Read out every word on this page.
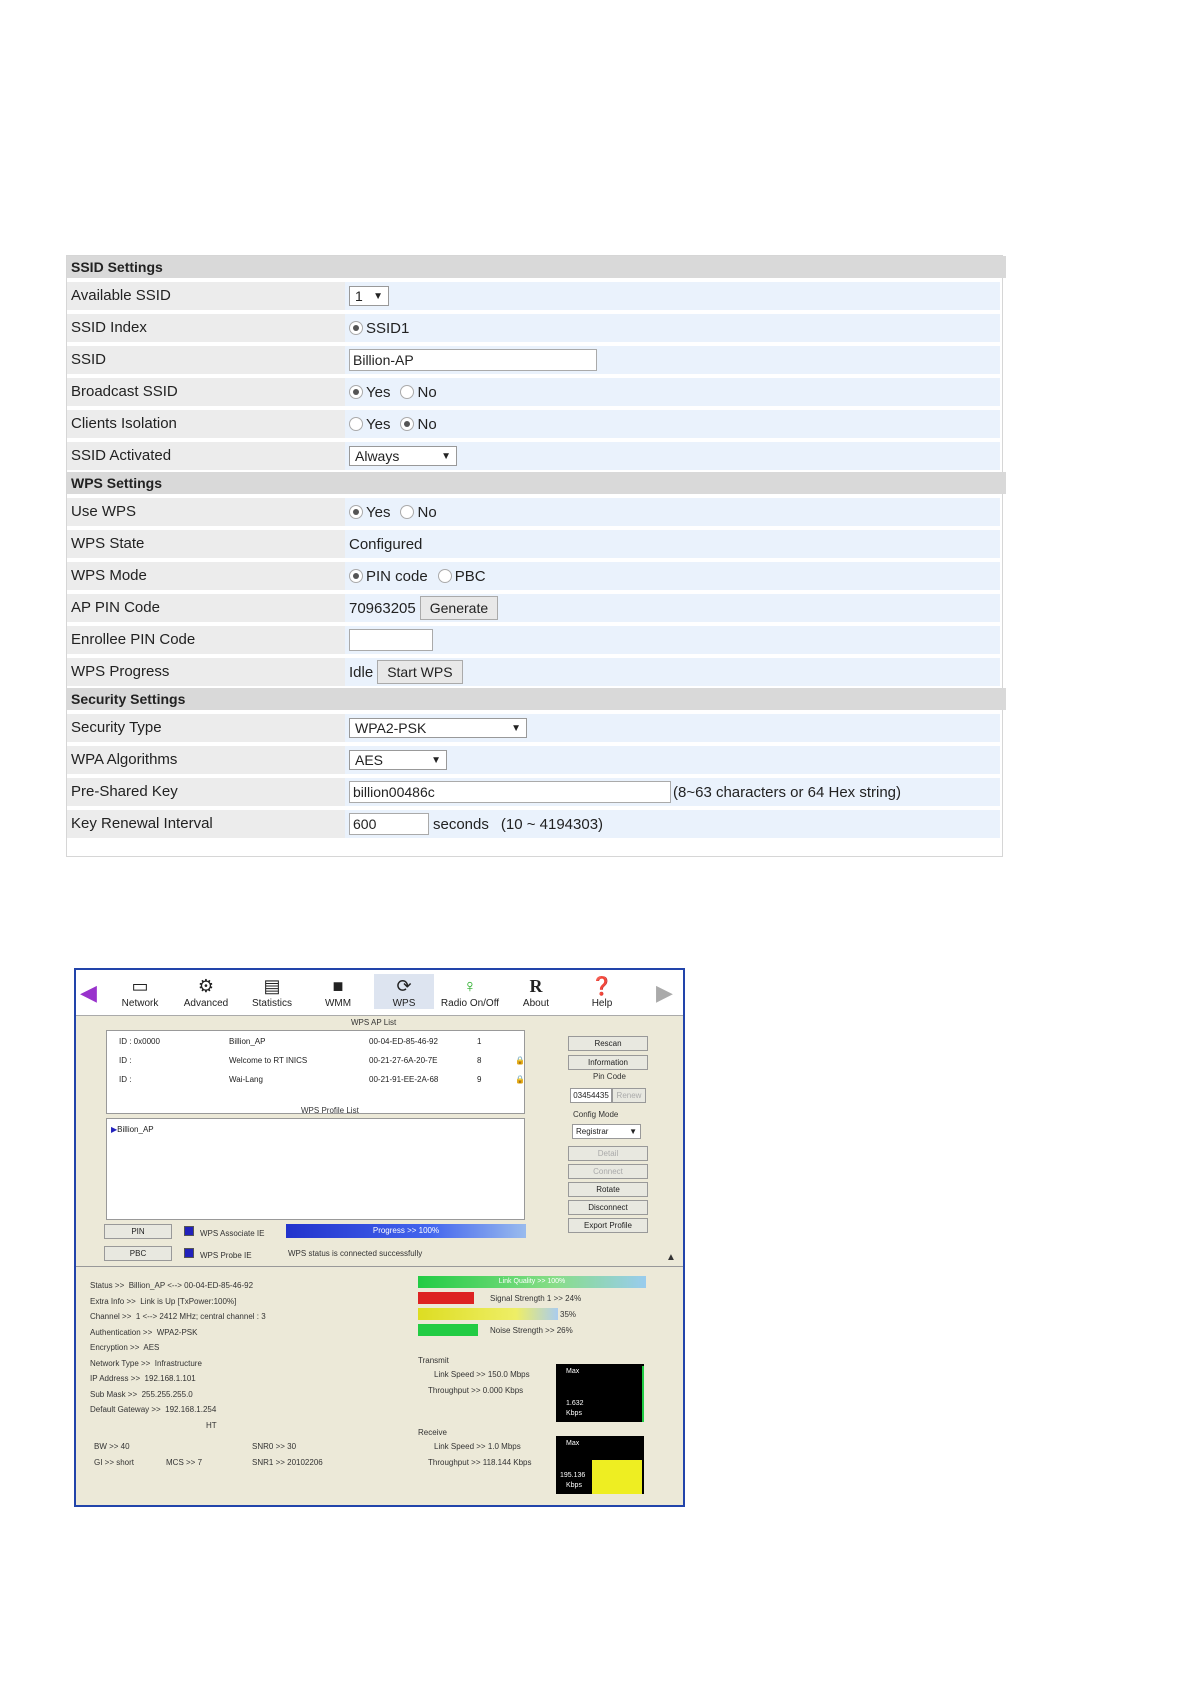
SSID Settings
Available SSID	1 ▼
SSID Index	SSID1
SSID	Billion-AP
Broadcast SSID	Yes No
Clients Isolation	Yes No
SSID Activated	Always	▼
WPS Settings
Use WPS	Yes No
WPS State	Configured
WPS Mode	PIN code PBC
AP PIN Code	70963205	Generate
Enrollee PIN Code
WPS Progress	Idle	Start WPS
Security Settings
Security Type	WPA2-PSK	▼
WPA Algorithms	AES	▼
Pre-Shared Key	billion00486c	(8~63 characters or 64 Hex string)
Key Renewal Interval	600	seconds (10 ~ 4194303)
◀ ▭
Network
⚙
Advanced
▤
Statistics
■
WMM
⟳
WPS
♀
Radio On/Off
R
About
❓
Help	▶
WPS AP List
ID : 0x0000	Billion_AP	00-04-ED-85-46-92	1
ID :	Welcome to RT INICS	00-21-27-6A-20-7E	8	🔒
ID :	Wai-Lang	00-21-91-EE-2A-68	9	🔒
Rescan
Information
Pin Code
03454435 Renew
Config Mode
Registrar	▼
Detail
Connect
Rotate
Disconnect
Export Profile
WPS Profile List
▶Billion_AP
PIN
PBC
WPS Associate IE
WPS Probe IE
Progress >> 100%
WPS status is connected successfully	▲
Status >>  Billion_AP <--> 00-04-ED-85-46-92
Extra Info >>  Link is Up [TxPower:100%]
Channel >>  1 <--> 2412 MHz; central channel : 3
Authentication >>  WPA2-PSK
Encryption >>  AES
Network Type >>  Infrastructure
IP Address >>  192.168.1.101
Sub Mask >>  255.255.255.0
Default Gateway >>  192.168.1.254
HT
BW >> 40
GI >> short	MCS >> 7
SNR0 >> 30
SNR1 >> 20102206
Link Quality >> 100%
Signal Strength 1 >> 24%
35%
Noise Strength >> 26%
Transmit
Link Speed >> 150.0 Mbps
Throughput >> 0.000 Kbps
Max
1.632
Kbps
Receive
Link Speed >> 1.0 Mbps
Throughput >> 118.144 Kbps
Max
195.136
Kbps
